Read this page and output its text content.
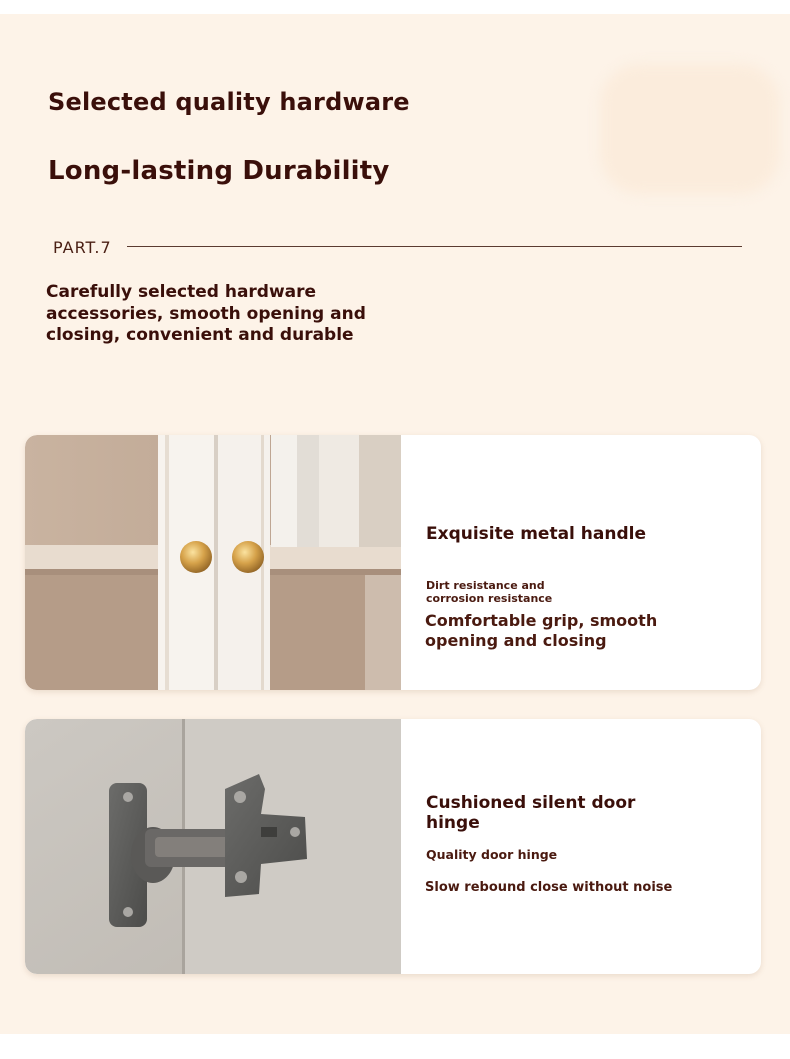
Selected quality hardware
Long-lasting Durability
PART.7
Carefully selected hardware accessories, smooth opening and closing, convenient and durable
Exquisite metal handle
Dirt resistance and
corrosion resistance
Comfortable grip, smooth
opening and closing
Cushioned silent door
hinge
Quality door hinge
Slow rebound close without noise
